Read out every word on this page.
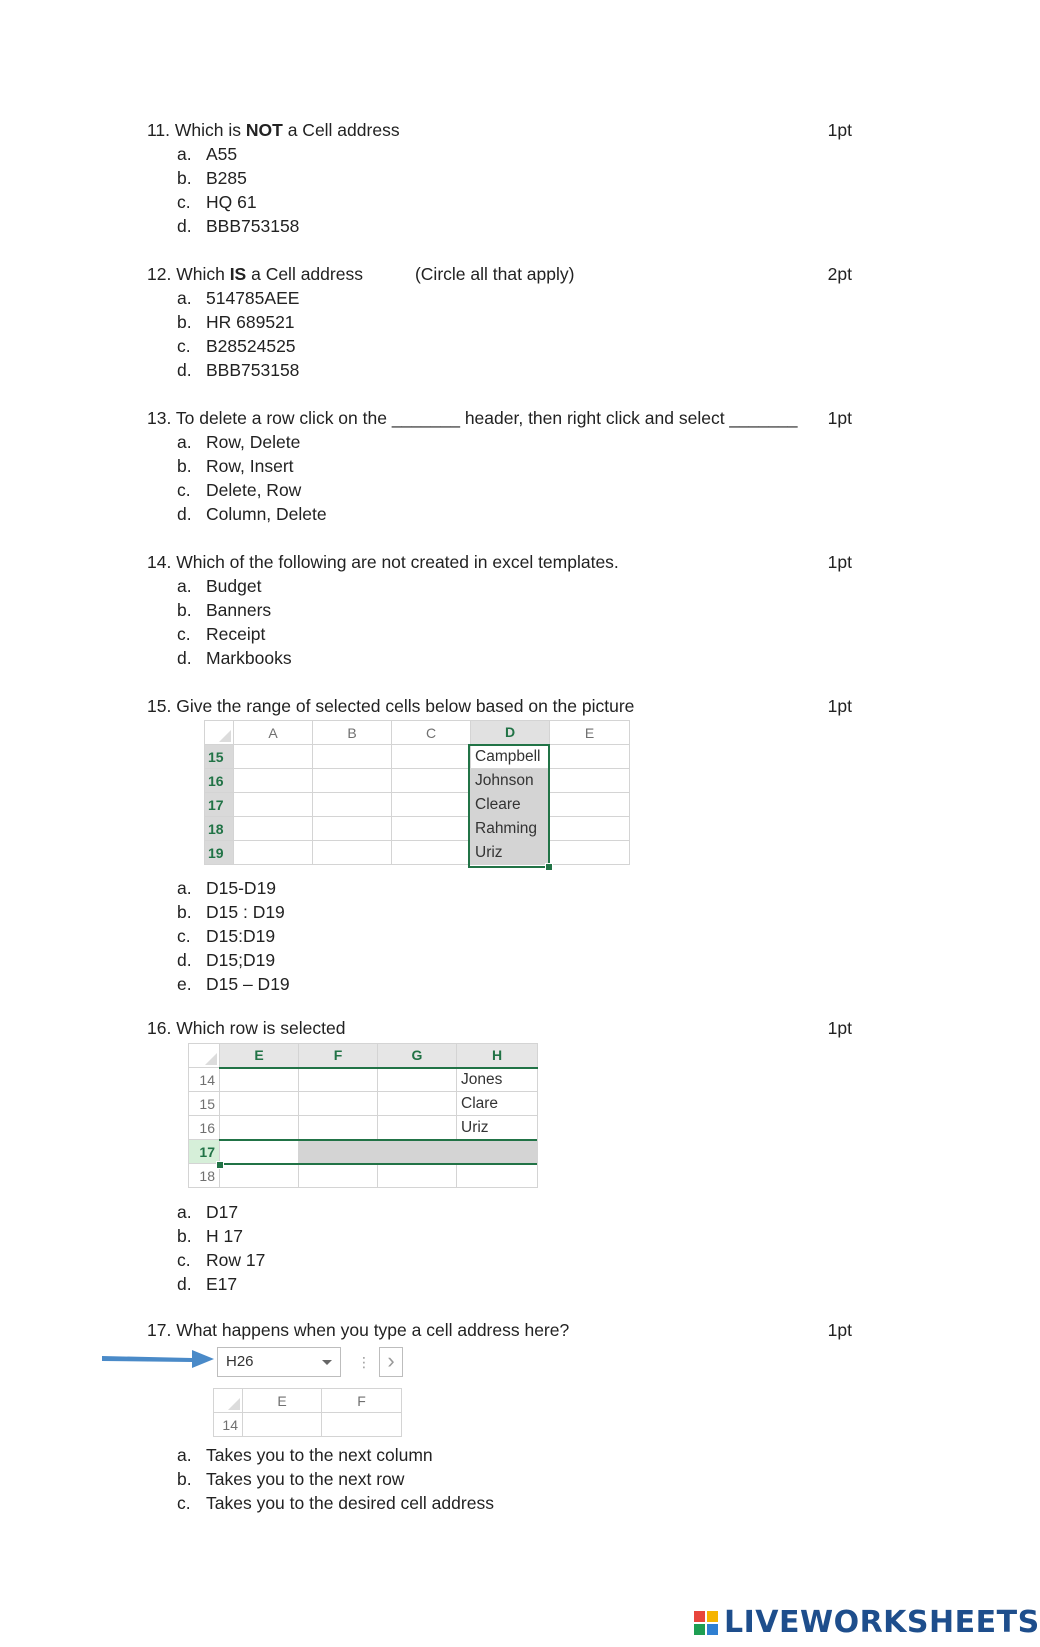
11. Which is NOT a Cell address	1pt
a. A55
b. B285
c. HQ 61
d. BBB753158
12. Which IS a Cell address	(Circle all that apply)	2pt
a. 514785AEE
b. HR 689521
c. B28524525
d. BBB753158
13. To delete a row click on the _______ header, then right click and select _______ 1pt
a. Row, Delete
b. Row, Insert
c. Delete, Row
d. Column, Delete
14. Which of the following are not created in excel templates.	1pt
a. Budget
b. Banners
c. Receipt
d. Markbooks
15. Give the range of selected cells below based on the picture	1pt
	A	B	C	D	E
15				Campbell	
16				Johnson	
17				Cleare	
18				Rahming	
19				Uriz	
a. D15-D19
b. D15 : D19
c. D15:D19
d. D15;D19
e. D15 – D19
16. Which row is selected	1pt
	E	F	G	H
14				Jones
15				Clare
16				Uriz
17				
18				
a. D17
b. H 17
c. Row 17
d. E17
17. What happens when you type a cell address here?	1pt
H26	⋮ ›
	E	F
14		
a. Takes you to the next column
b. Takes you to the next row
c. Takes you to the desired cell address
LIVEWORKSHEETS
